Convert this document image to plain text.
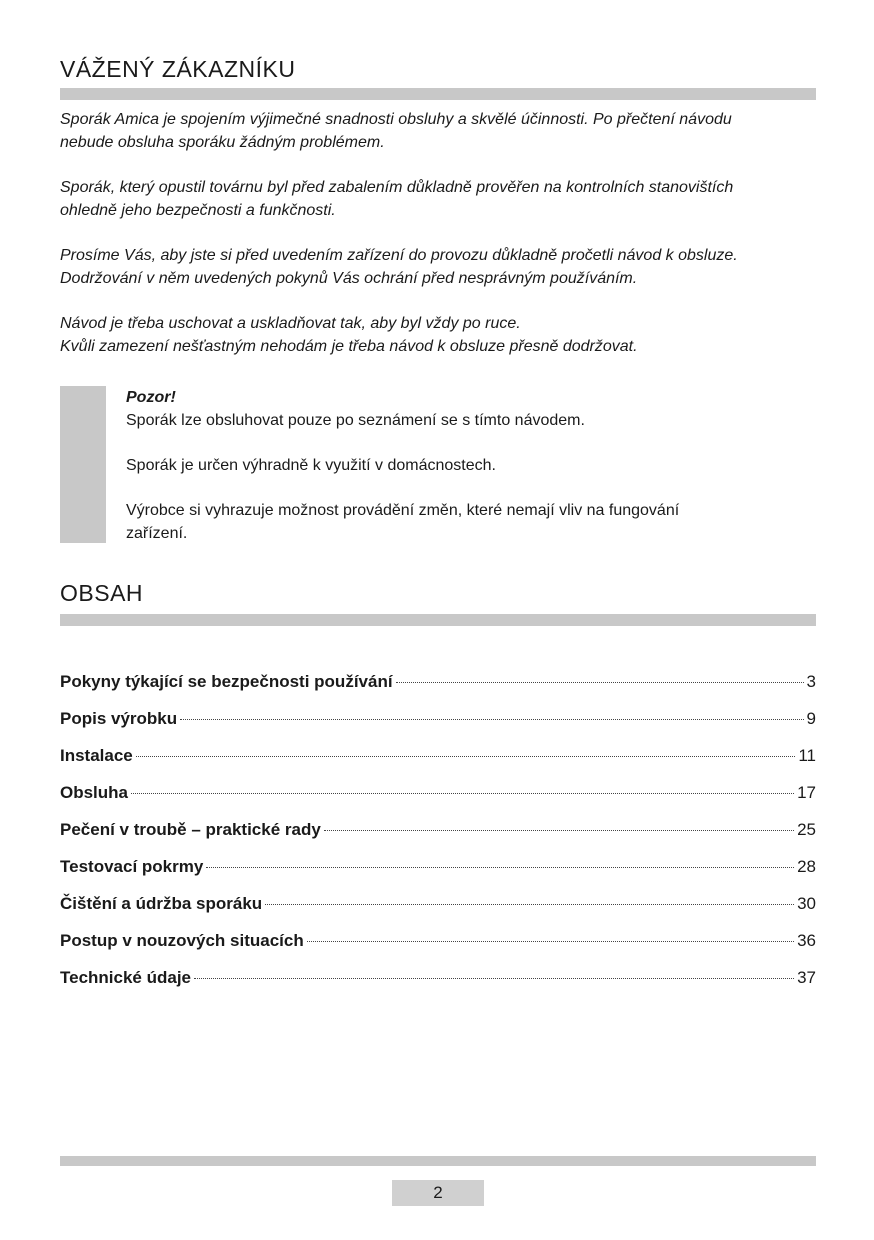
VÁŽENÝ ZÁKAZNÍKU

Sporák Amica je spojením výjimečné snadnosti obsluhy a skvělé účinnosti. Po přečtení návodu
nebude obsluha sporáku žádným problémem.

Sporák, který opustil továrnu byl před zabalením důkladně prověřen na kontrolních stanovištích
ohledně jeho bezpečnosti a funkčnosti.

Prosíme Vás, aby jste si před uvedením zařízení do provozu důkladně pročetli návod k obsluze.
Dodržování v něm uvedených pokynů Vás ochrání před nesprávným používáním.

Návod je třeba uschovat a uskladňovat tak, aby byl vždy po ruce.
Kvůli zamezení nešťastným nehodám je třeba návod k obsluze přesně dodržovat.

Pozor!

Sporák lze obsluhovat pouze po seznámení se s tímto návodem.

Sporák je určen výhradně k využití v domácnostech.

Výrobce si vyhrazuje možnost provádění změn, které nemají vliv na fungování
zařízení.

OBSAH
Pokyny týkající se bezpečnosti používání	3
Popis výrobku	9
Instalace	11
Obsluha	17
Pečení v troubě – praktické rady	25
Testovací pokrmy	28
Čištění a údržba sporáku	30
Postup v nouzových situacích	36
Technické údaje	37
2
